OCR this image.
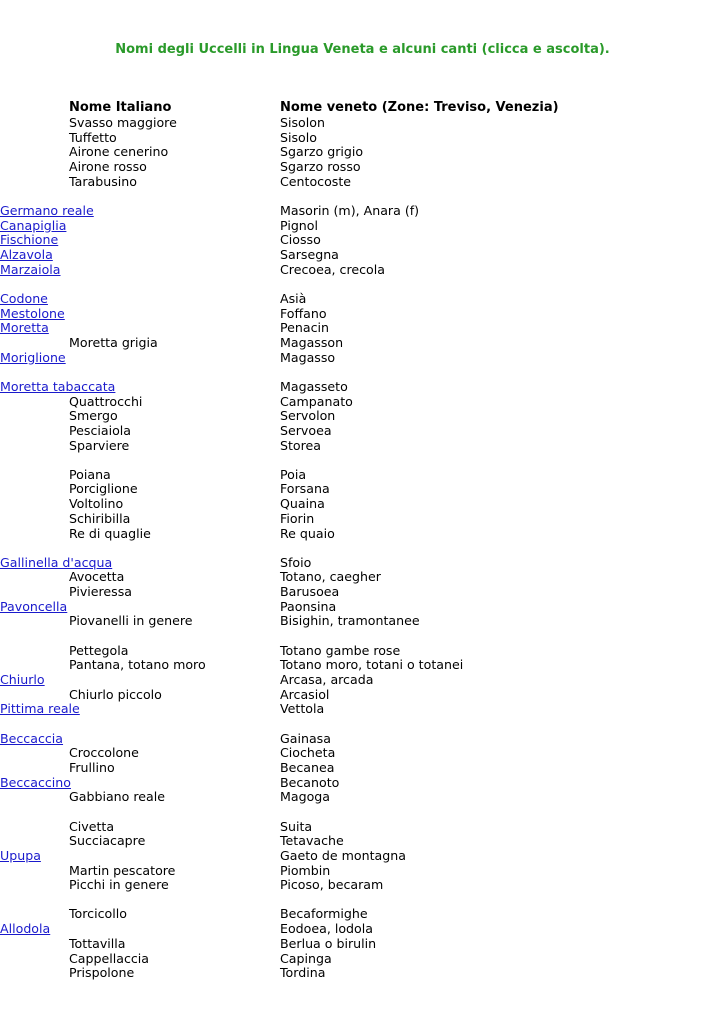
Nomi degli Uccelli in Lingua Veneta e alcuni canti (clicca e ascolta).
Nome Italiano	Nome veneto (Zone: Treviso, Venezia)
Svasso maggiore	Sisolon
Tuffetto	Sisolo
Airone cenerino	Sgarzo grigio
Airone rosso	Sgarzo rosso
Tarabusino	Centocoste
Germano reale	Masorin (m), Anara (f)
Canapiglia	Pignol
Fischione	Ciosso
Alzavola	Sarsegna
Marzaiola	Crecoea, crecola
Codone	Asià
Mestolone	Foffano
Moretta	Penacin
Moretta grigia	Magasson
Moriglione	Magasso
Moretta tabaccata	Magasseto
Quattrocchi	Campanato
Smergo	Servolon
Pesciaiola	Servoea
Sparviere	Storea
Poiana	Poia
Porciglione	Forsana
Voltolino	Quaina
Schiribilla	Fiorin
Re di quaglie	Re quaio
Gallinella d'acqua	Sfoio
Avocetta	Totano, caegher
Pivieressa	Barusoea
Pavoncella	Paonsina
Piovanelli in genere	Bisighin, tramontanee
Pettegola	Totano gambe rose
Pantana, totano moro	Totano moro, totani o totanei
Chiurlo	Arcasa, arcada
Chiurlo piccolo	Arcasiol
Pittima reale	Vettola
Beccaccia	Gainasa
Croccolone	Ciocheta
Frullino	Becanea
Beccaccino	Becanoto
Gabbiano reale	Magoga
Civetta	Suita
Succiacapre	Tetavache
Upupa	Gaeto de montagna
Martin pescatore	Piombin
Picchi in genere	Picoso, becaram
Torcicollo	Becaformighe
Allodola	Eodoea, lodola
Tottavilla	Berlua o birulin
Cappellaccia	Capinga
Prispolone	Tordina
